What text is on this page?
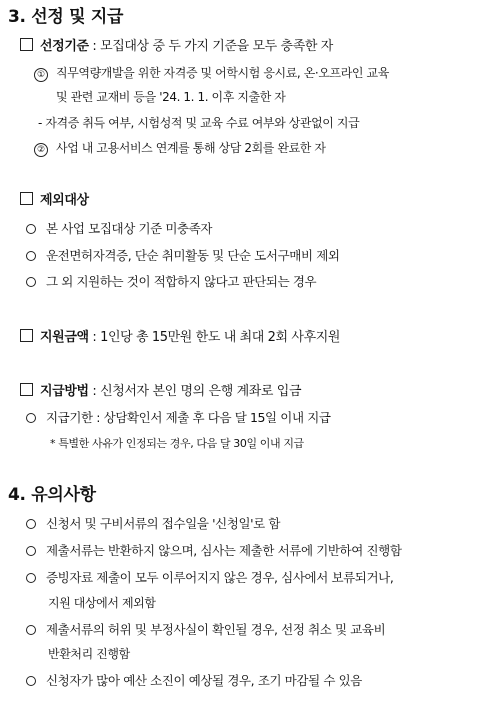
3. 선정 및 지급
선정기준 : 모집대상 중 두 가지 기준을 모두 충족한 자
① 직무역량개발을 위한 자격증 및 어학시험 응시료, 온·오프라인 교육
및 관련 교재비 등을 '24. 1. 1. 이후 지출한 자
- 자격증 취득 여부, 시험성적 및 교육 수료 여부와 상관없이 지급
② 사업 내 고용서비스 연계를 통해 상담 2회를 완료한 자
제외대상
본 사업 모집대상 기준 미충족자
운전면허자격증, 단순 취미활동 및 단순 도서구매비 제외
그 외 지원하는 것이 적합하지 않다고 판단되는 경우
지원금액 : 1인당 총 15만원 한도 내 최대 2회 사후지원
지급방법 : 신청서자 본인 명의 은행 계좌로 입금
지급기한 : 상담확인서 제출 후 다음 달 15일 이내 지급
* 특별한 사유가 인정되는 경우, 다음 달 30일 이내 지급
4. 유의사항
신청서 및 구비서류의 접수일을 '신청일'로 함
제출서류는 반환하지 않으며, 심사는 제출한 서류에 기반하여 진행함
증빙자료 제출이 모두 이루어지지 않은 경우, 심사에서 보류되거나,
지원 대상에서 제외함
제출서류의 허위 및 부정사실이 확인될 경우, 선정 취소 및 교육비
반환처리 진행함
신청자가 많아 예산 소진이 예상될 경우, 조기 마감될 수 있음
